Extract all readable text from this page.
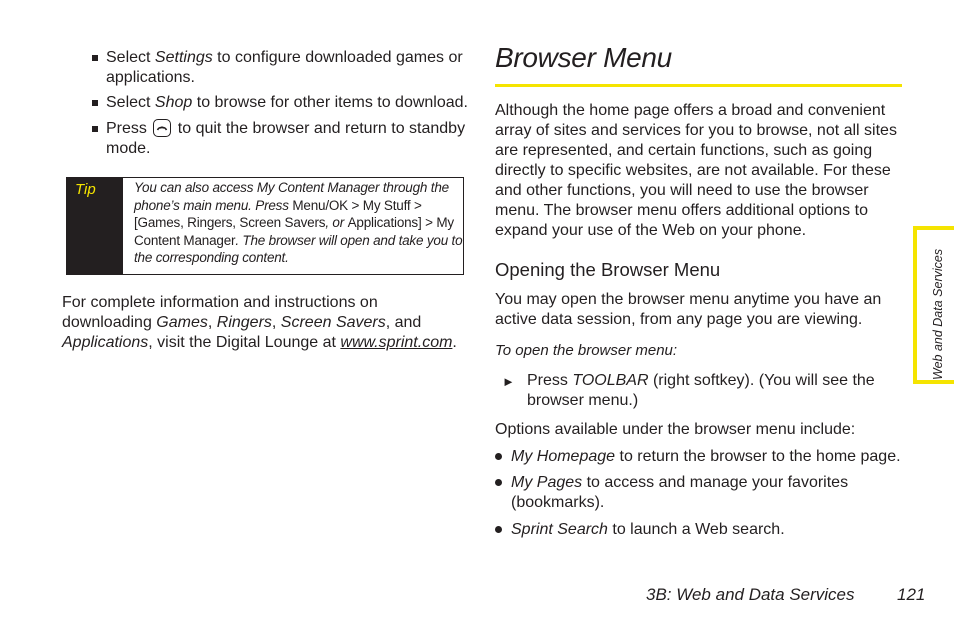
Select Settings to configure downloaded games or applications.
Select Shop to browse for other items to download.
Press
to quit the browser and return to standby mode.
Tip	You can also access My Content Manager through the phone’s main menu. Press Menu/OK > My Stuff > [Games, Ringers, Screen Savers, or Applications] > My Content Manager. The browser will open and take you to the corresponding content.
For complete information and instructions on downloading Games, Ringers, Screen Savers, and Applications, visit the Digital Lounge at www.sprint.com.
Browser Menu
Although the home page offers a broad and convenient array of sites and services for you to browse, not all sites are represented, and certain functions, such as going directly to specific websites, are not available. For these and other functions, you will need to use the browser menu. The browser menu offers additional options to expand your use of the Web on your phone.
Opening the Browser Menu
You may open the browser menu anytime you have an active data session, from any page you are viewing.
To open the browser menu:
► Press TOOLBAR (right softkey). (You will see the browser menu.)
Options available under the browser menu include:
My Homepage to return the browser to the home page.
My Pages to access and manage your favorites (bookmarks).
Sprint Search to launch a Web search.
Web and Data Services
3B: Web and Data Services 121
